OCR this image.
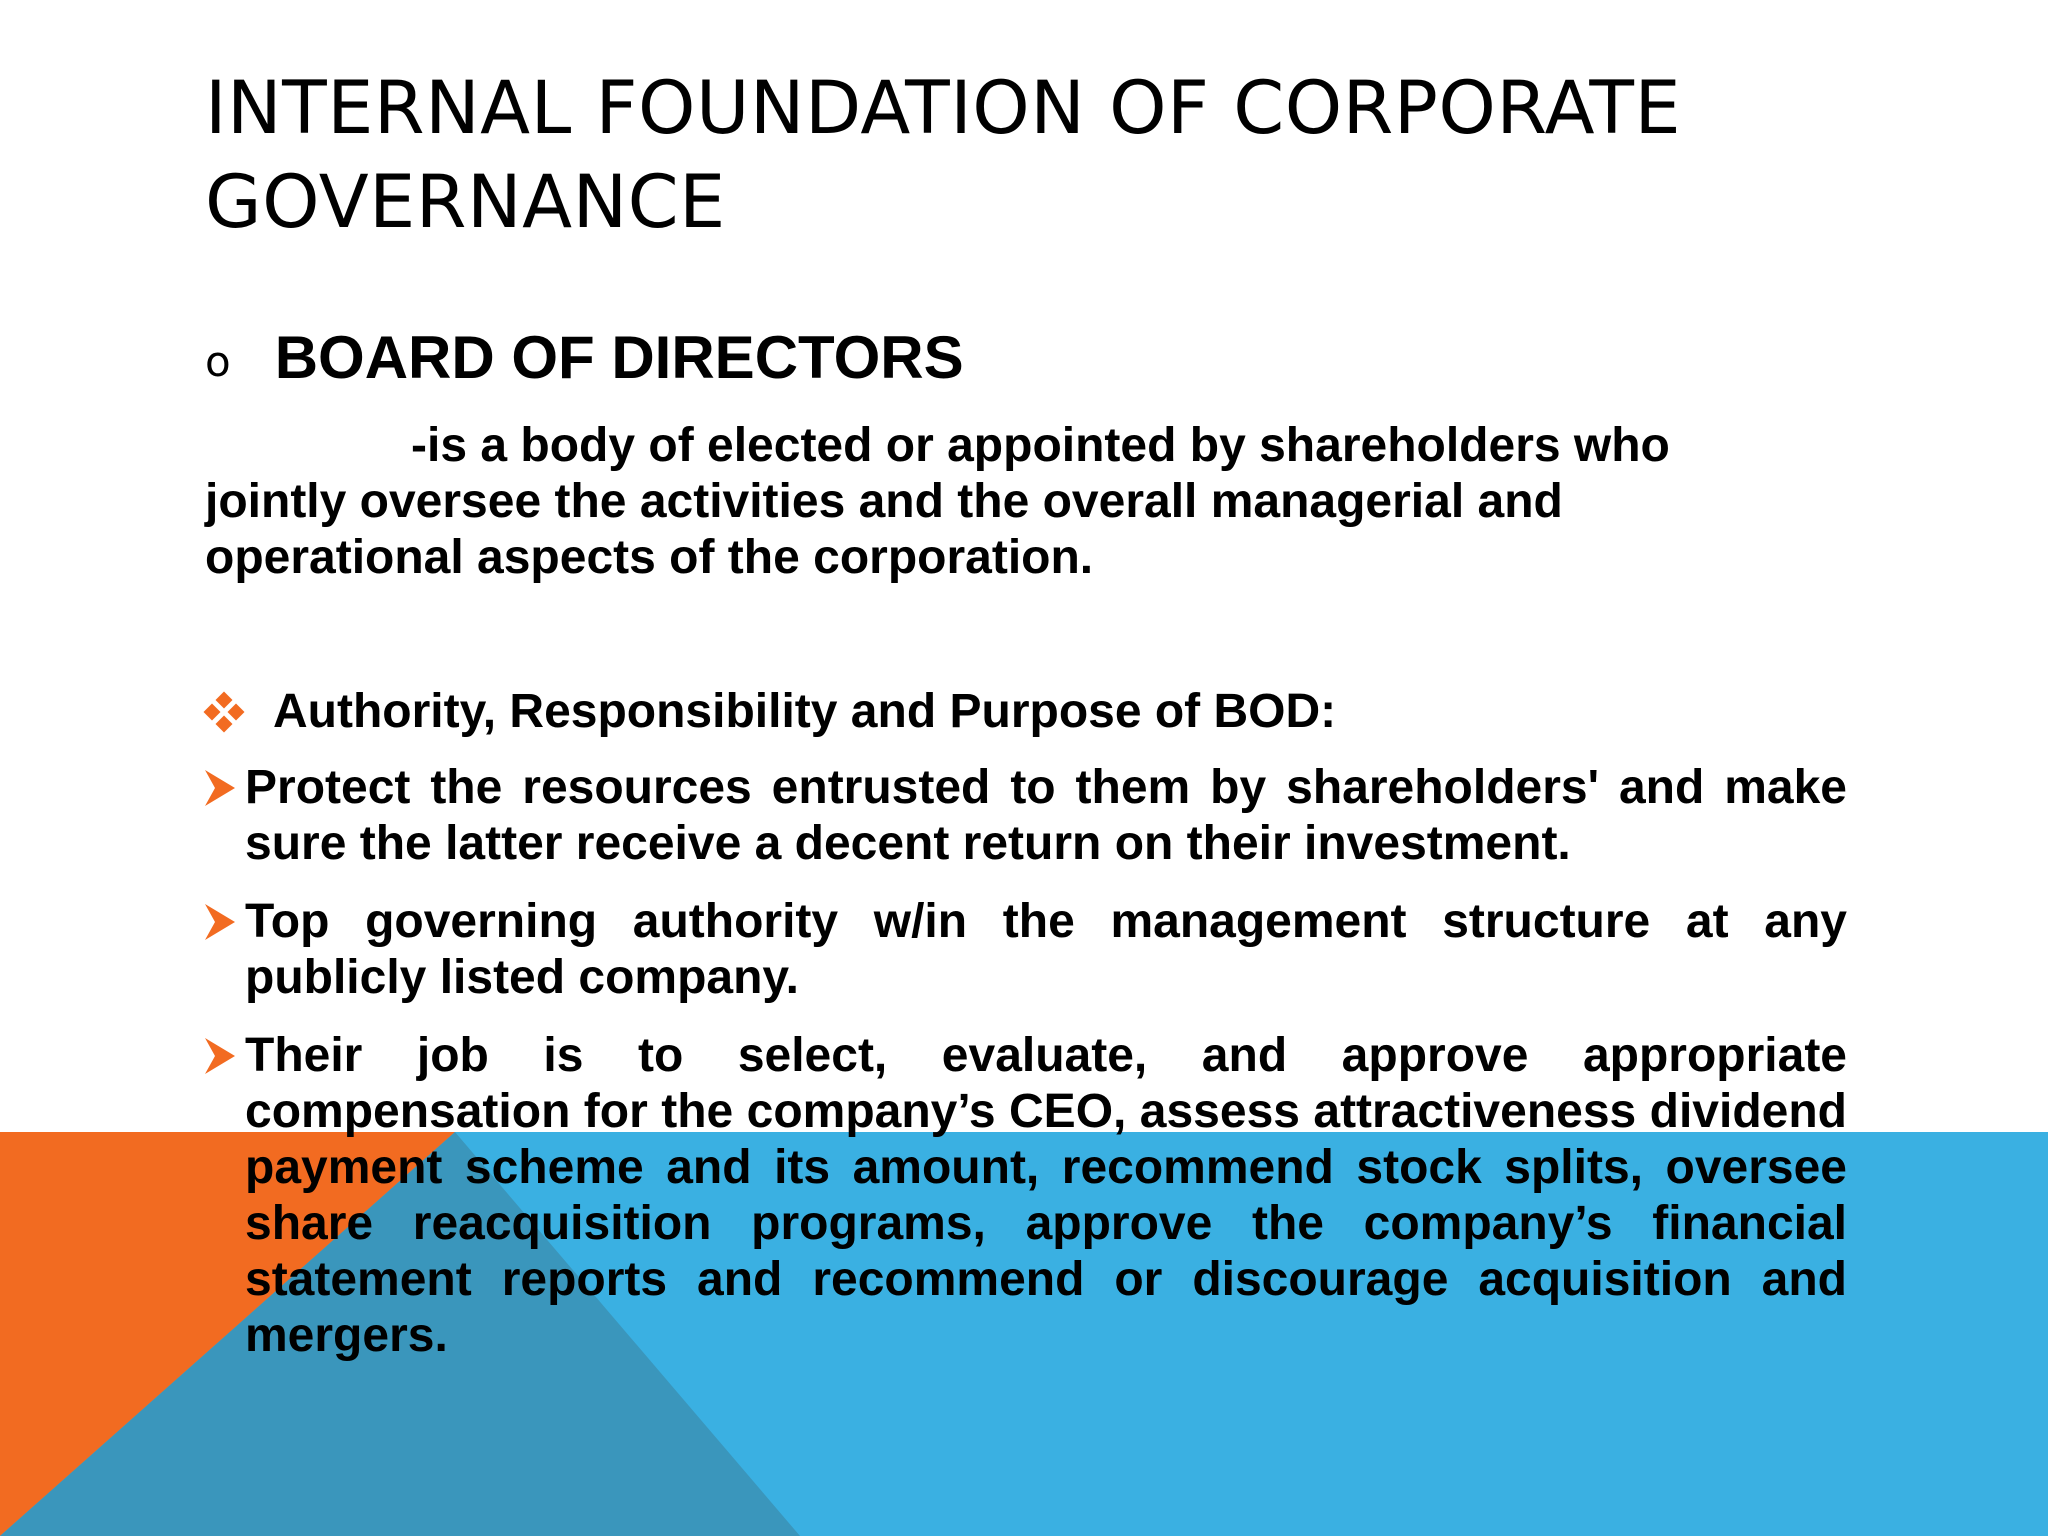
INTERNAL FOUNDATION OF CORPORATE GOVERNANCE
o BOARD OF DIRECTORS

-is a body of elected or appointed by shareholders who jointly oversee the activities and the overall managerial and operational aspects of the corporation.

Authority, Responsibility and Purpose of BOD:
Protect the resources entrusted to them by shareholders' and make sure the latter receive a decent return on their investment.
Top governing authority w/in the management structure at any publicly listed company.
Their job is to select, evaluate, and approve appropriate compensation for the company’s CEO, assess attractiveness dividend payment scheme and its amount, recommend stock splits, oversee share reacquisition programs, approve the company’s financial statement reports and recommend or discourage acquisition and mergers.
